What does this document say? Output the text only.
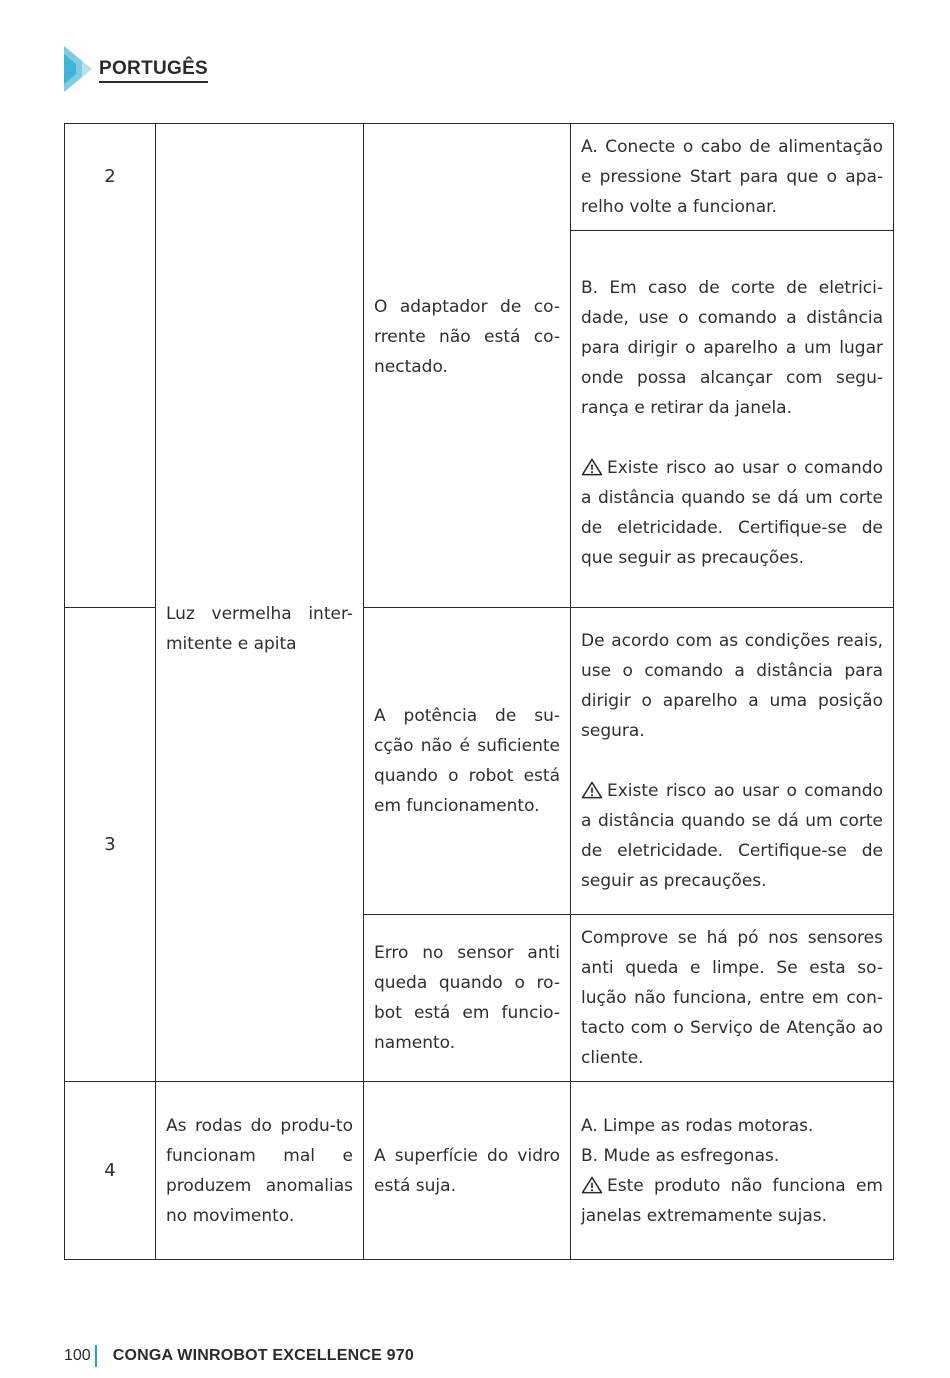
PORTUGÊS
2	Luz vermelha inter-mitente e apita	O adaptador de co-rrente não está co-nectado.	A. Conecte o cabo de alimentação e pressione Start para que o apa-relho volte a funcionar.

			B. Em caso de corte de eletrici-dade, use o comando a distância para dirigir o aparelho a um lugar onde possa alcançar com segu-rança e retirar da janela.

Existe risco ao usar o comando a distância quando se dá um corte de eletricidade. Certifique-se de que seguir as precauções.

3		A potência de su-cção não é suficiente quando o robot está em funcionamento.	De acordo com as condições reais, use o comando a distância para dirigir o aparelho a uma posição segura.

Existe risco ao usar o comando a distância quando se dá um corte de eletricidade. Certifique-se de seguir as precauções.

		Erro no sensor anti queda quando o ro-bot está em funcio-namento.	Comprove se há pó nos sensores anti queda e limpe. Se esta so-lução não funciona, entre em con-tacto com o Serviço de Atenção ao cliente.
4	As rodas do produ-to funcionam mal e produzem anomalias no movimento.	A superfície do vidro está suja.	A. Limpe as rodas motoras.
B. Mude as esfregonas.

Este produto não funciona em janelas extremamente sujas.

100 CONGA WINROBOT EXCELLENCE 970
